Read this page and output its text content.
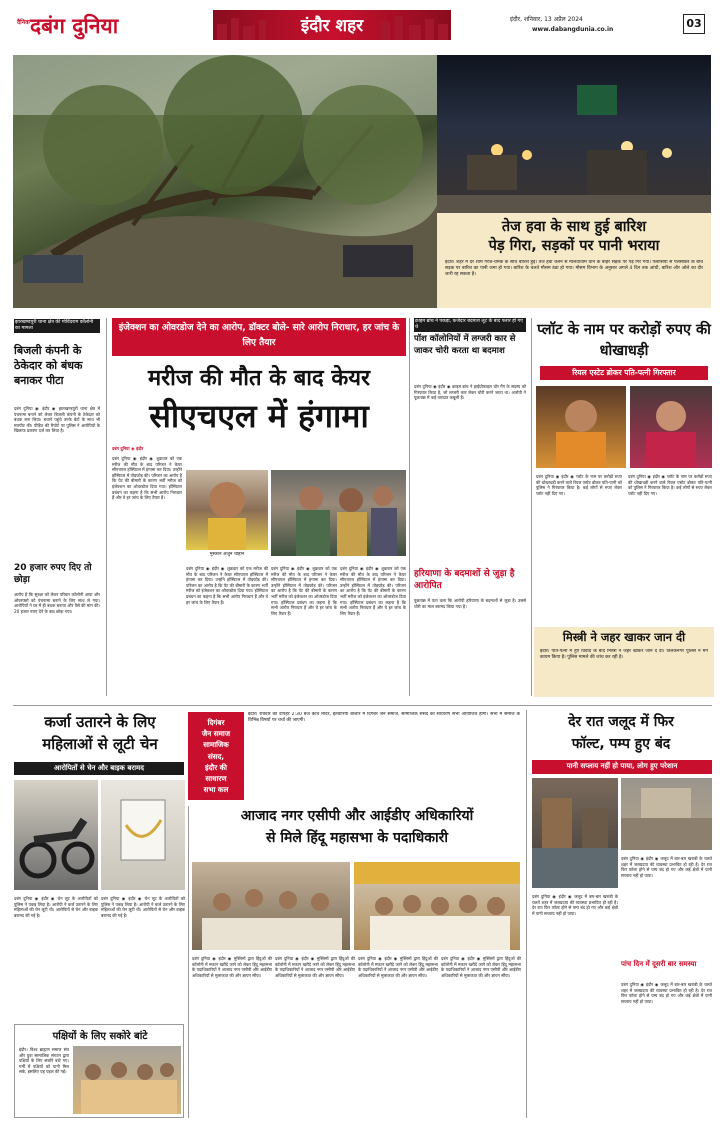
दैनिक दबंग दुनिया	इंदौर शहर	इंदौर, शनिवार, 13 अप्रैल 2024
www.dabangdunia.co.in	03
तेज हवा के साथ हुई बारिश
पेड़ गिरा, सड़कों पर पानी भराया
इंदौर। शहर में देर शाम गरज-चमक के साथ बारिश हुई। तेज हवा चलने से मालवाधाम थाने के बाहर सड़क पर पेड़ गिर गया। पलासिया से पलसीकर के बीच सड़क पर बारिश का पानी जमा हो गया। बारिश के चलते मौसम ठंडा हो गया। मौसम विभाग के अनुसार अगले 4 दिन तक आंधी, बारिश और ओले का दौर जारी रह सकता है।
झारखण्डपुरी थाना क्षेत्र की गोविंदराम कॉलोनी का मामला
बिजली कंपनी के ठेकेदार को बंधक बनाकर पीटा
दबंग दुनिया ◉ इंदौर ◉ झारखण्डपुरी थाना क्षेत्र में पंचनामा बनाने को लेकर बिजली कंपनी के ठेकेदार को बंधक बना लिया। बचाने पहुंचे उनके बेटों के साथ भी मारपीट की। पीड़ित की रिपोर्ट पर पुलिस ने आरोपियों के खिलाफ प्रकरण दर्ज कर लिया है।
20 हजार रुपए दिए तो छोड़ा
आरोप है कि सुरक्षा को लेकर परिवार कॉलोनी आया और ओवरफ्लो को पंचनामा बनाने के लिए साथ ले गया। आरोपियों ने घर में ही बंधक बनाया और पैसे की मांग की। 20 हजार रुपए देने के बाद छोड़ा गया।
इंजेक्शन का ओवरडोज देने का आरोप, डॉक्टर बोले- सारे आरोप निराधार, हर जांच के लिए तैयार
मरीज की मौत के बाद केयर
सीएचएल में हंगामा
दबंग दुनिया ◉ इंदौर
मुस्कान अर्जुन चौहान
दबंग दुनिया ◉ इंदौर ◉ शुक्रवार को एक मरीज की मौत के बाद परिजन ने केयर सीएचएल हॉस्पिटल में हंगामा कर दिया। उन्होंने हॉस्पिटल में तोड़फोड़ की। परिजन का आरोप है कि पेट की बीमारी के कारण भर्ती मरीज को इंजेक्शन का ओवरडोज दिया गया। हॉस्पिटल प्रबंधन का कहना है कि सभी आरोप निराधार हैं और वे हर जांच के लिए तैयार हैं।
दबंग दुनिया ◉ इंदौर ◉ शुक्रवार को एक मरीज की मौत के बाद परिजन ने केयर सीएचएल हॉस्पिटल में हंगामा कर दिया। उन्होंने हॉस्पिटल में तोड़फोड़ की। परिजन का आरोप है कि पेट की बीमारी के कारण भर्ती मरीज को इंजेक्शन का ओवरडोज दिया गया। हॉस्पिटल प्रबंधन का कहना है कि सभी आरोप निराधार हैं और वे हर जांच के लिए तैयार हैं।
दबंग दुनिया ◉ इंदौर ◉ शुक्रवार को एक मरीज की मौत के बाद परिजन ने केयर सीएचएल हॉस्पिटल में हंगामा कर दिया। उन्होंने हॉस्पिटल में तोड़फोड़ की। परिजन का आरोप है कि पेट की बीमारी के कारण भर्ती मरीज को इंजेक्शन का ओवरडोज दिया गया। हॉस्पिटल प्रबंधन का कहना है कि सभी आरोप निराधार हैं और वे हर जांच के लिए तैयार हैं।
दबंग दुनिया ◉ इंदौर ◉ शुक्रवार को एक मरीज की मौत के बाद परिजन ने केयर सीएचएल हॉस्पिटल में हंगामा कर दिया। उन्होंने हॉस्पिटल में तोड़फोड़ की। परिजन का आरोप है कि पेट की बीमारी के कारण भर्ती मरीज को इंजेक्शन का ओवरडोज दिया गया। हॉस्पिटल प्रबंधन का कहना है कि सभी आरोप निराधार हैं और वे हर जांच के लिए तैयार हैं।
क्राइम ब्रांच ने पकड़ा, कर्जदार बदमाश लूट के बाद फरार हो गए थे
पॉश कॉलोनियों में लग्जरी कार से जाकर चोरी करता था बदमाश
दबंग दुनिया ◉ इंदौर ◉ क्राइम ब्रांच ने हाईप्रोफाइल चोर गैंग के सदस्य को गिरफ्तार किया है, जो लग्जरी कार लेकर चोरी करने जाता था। आरोपी ने पूछताछ में कई वारदात कबूली हैं।
हरियाणा के बदमाशों से जुड़ा है आरोपित
पूछताछ में पता चला कि आरोपी हरियाणा के बदमाशों से जुड़ा है। उससे चोरी का माल बरामद किया गया है।
प्लॉट के नाम पर करोड़ों रुपए की धोखाधड़ी
रियल एस्टेट ब्रोकर पति-पत्नी गिरफ्तार
दबंग दुनिया ◉ इंदौर ◉ प्लॉट के नाम पर करोड़ों रुपए की धोखाधड़ी करने वाले रियल एस्टेट ब्रोकर पति-पत्नी को पुलिस ने गिरफ्तार किया है। कई लोगों से रुपए लेकर प्लॉट नहीं दिए गए।
दबंग दुनिया ◉ इंदौर ◉ प्लॉट के नाम पर करोड़ों रुपए की धोखाधड़ी करने वाले रियल एस्टेट ब्रोकर पति-पत्नी को पुलिस ने गिरफ्तार किया है। कई लोगों से रुपए लेकर प्लॉट नहीं दिए गए।
मिस्त्री ने जहर खाकर जान दी
इंदौर। पति-पत्नी में हुए विवाद के बाद मिस्त्री ने जहर खाकर जान दे दी। तिलकनगर पुलिस ने मर्ग कायम किया है। पुलिस मामले की जांच कर रही है।
दिगंबर
जैन समाज
सामाजिक
संसद,
इंदौर की
साधारण
सभा कल
इंदौर। रविवार को दोपहर 2:30 बजे कांच मंदिर, इतवारिया बाजार में दिगंबर जैन समाज, सामाजिक संसद की साधारण सभा आयोजित होगी। सभा में समाज के विभिन्न विषयों पर चर्चा की जाएगी।
कर्जा उतारने के लिए
महिलाओं से लूटी चेन
आरोपितों से चेन और बाइक बरामद
दबंग दुनिया ◉ इंदौर ◉ चेन लूट के आरोपितों को पुलिस ने पकड़ लिया है। आरोपी ने कर्ज उतारने के लिए महिलाओं की चेन लूटी थी। आरोपितों से चेन और बाइक बरामद की गई है।
दबंग दुनिया ◉ इंदौर ◉ चेन लूट के आरोपितों को पुलिस ने पकड़ लिया है। आरोपी ने कर्ज उतारने के लिए महिलाओं की चेन लूटी थी। आरोपितों से चेन और बाइक बरामद की गई है।
पक्षियों के लिए सकोरे बांटे
इंदौर। विश्व ब्राह्मण समाज संघ और युवा सामाजिक संगठन द्वारा पक्षियों के लिए सकोरे बांटे गए। गर्मी में पक्षियों को पानी मिल सके, इसलिए यह पहल की गई।
आजाद नगर एसीपी और आईडीए अधिकारियों
से मिले हिंदू महासभा के पदाधिकारी
दबंग दुनिया ◉ इंदौर ◉ मुस्लिमों द्वारा हिंदुओं की कॉलोनी में मकान खरीदे जाने को लेकर हिंदू महासभा के पदाधिकारियों ने आजाद नगर एसीपी और आईडीए अधिकारियों से मुलाकात की और ज्ञापन सौंपा।
दबंग दुनिया ◉ इंदौर ◉ मुस्लिमों द्वारा हिंदुओं की कॉलोनी में मकान खरीदे जाने को लेकर हिंदू महासभा के पदाधिकारियों ने आजाद नगर एसीपी और आईडीए अधिकारियों से मुलाकात की और ज्ञापन सौंपा।
दबंग दुनिया ◉ इंदौर ◉ मुस्लिमों द्वारा हिंदुओं की कॉलोनी में मकान खरीदे जाने को लेकर हिंदू महासभा के पदाधिकारियों ने आजाद नगर एसीपी और आईडीए अधिकारियों से मुलाकात की और ज्ञापन सौंपा।
दबंग दुनिया ◉ इंदौर ◉ मुस्लिमों द्वारा हिंदुओं की कॉलोनी में मकान खरीदे जाने को लेकर हिंदू महासभा के पदाधिकारियों ने आजाद नगर एसीपी और आईडीए अधिकारियों से मुलाकात की और ज्ञापन सौंपा।
देर रात जलूद में फिर
फॉल्ट, पम्प हुए बंद
पानी सप्लाय नहीं हो पाया, लोग हुए परेशान
दबंग दुनिया ◉ इंदौर ◉ जलूद में बार-बार खराबी के चलते शहर में जलप्रदाय की व्यवस्था प्रभावित हो रही है। देर रात फिर फॉल्ट होने से पम्प बंद हो गए और कई क्षेत्रों में पानी सप्लाय नहीं हो पाया।
दबंग दुनिया ◉ इंदौर ◉ जलूद में बार-बार खराबी के चलते शहर में जलप्रदाय की व्यवस्था प्रभावित हो रही है। देर रात फिर फॉल्ट होने से पम्प बंद हो गए और कई क्षेत्रों में पानी सप्लाय नहीं हो पाया।
पांच दिन में दूसरी बार समस्या
दबंग दुनिया ◉ इंदौर ◉ जलूद में बार-बार खराबी के चलते शहर में जलप्रदाय की व्यवस्था प्रभावित हो रही है। देर रात फिर फॉल्ट होने से पम्प बंद हो गए और कई क्षेत्रों में पानी सप्लाय नहीं हो पाया।
